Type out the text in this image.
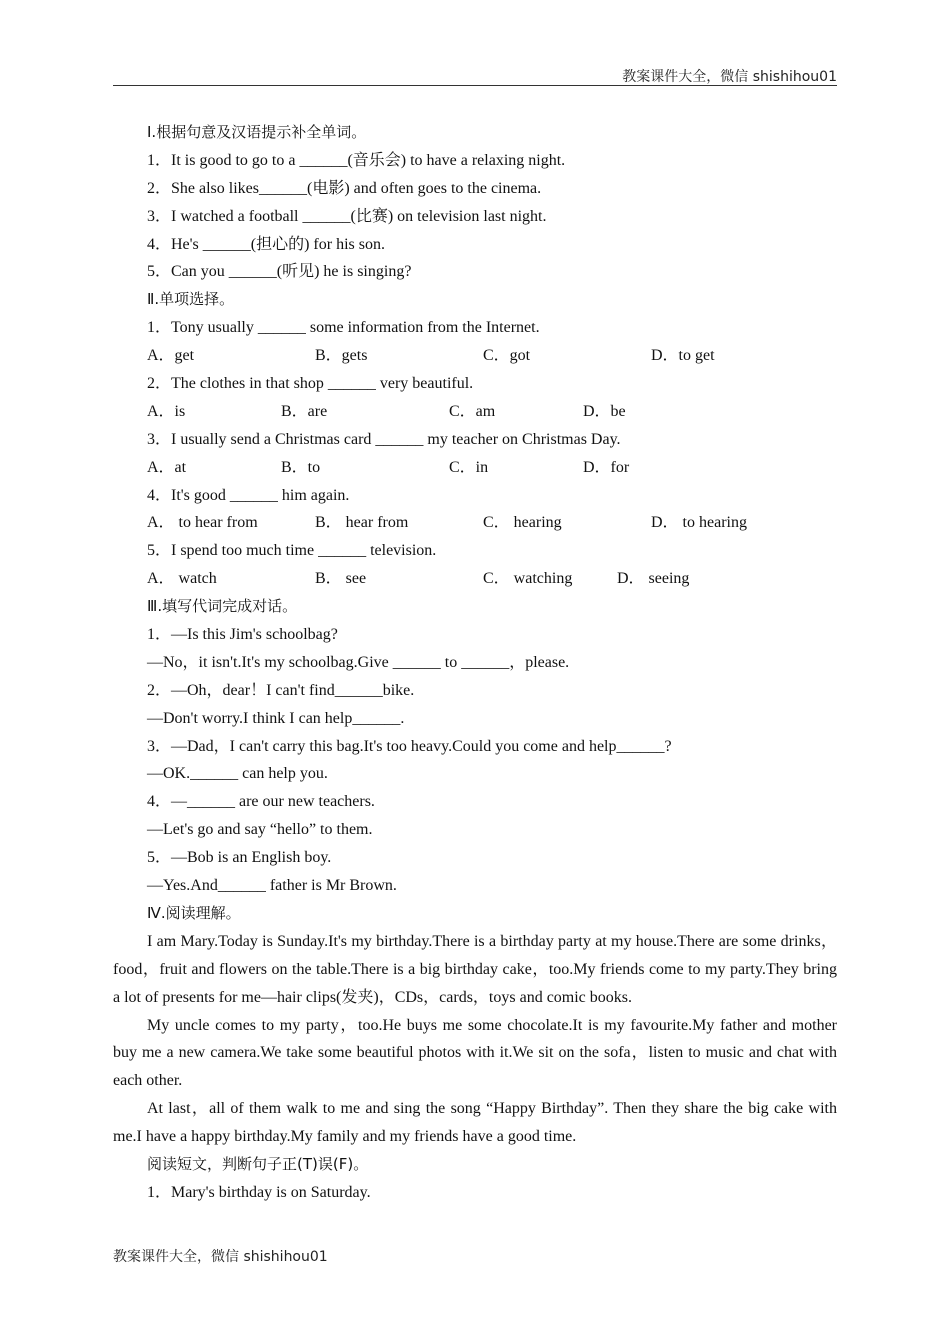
教案课件大全，微信 shishihou01
Ⅰ.根据句意及汉语提示补全单词。
1．It is good to go to a ______(音乐会) to have a relaxing night.
2．She also likes______(电影) and often goes to the cinema.
3．I watched a football ______(比赛) on television last night.
4．He's ______(担心的) for his son.
5．Can you ______(听见) he is singing?
Ⅱ.单项选择。
1．Tony usually ______ some information from the Internet.
A．get	B．gets	C．got	D．to get
2．The clothes in that shop ______ very beautiful.
A．is	B．are	C．am	D．be
3．I usually send a Christmas card ______ my teacher on Christmas Day.
A．at	B．to	C．in	D．for
4．It's good ______ him again.
A． to hear from	B． hear from	C． hearing	D． to hearing
5．I spend too much time ______ television.
A． watch	B． see	C． watching	D． seeing
Ⅲ.填写代词完成对话。
1．—Is this Jim's schoolbag?
—No，it isn't.It's my schoolbag.Give ______ to ______，please.
2．—Oh，dear！I can't find______bike.
—Don't worry.I think I can help______.
3．—Dad，I can't carry this bag.It's too heavy.Could you come and help______?
—OK.______ can help you.
4．—______ are our new teachers.
—Let's go and say “hello” to them.
5．—Bob is an English boy.
—Yes.And______ father is Mr Brown.
Ⅳ.阅读理解。

I am Mary.Today is Sunday.It's my birthday.There is a birthday party at my house.There are some drinks，food，fruit and flowers on the table.There is a big birthday cake，too.My friends come to my party.They bring a lot of presents for me—hair clips(发夹)，CDs，cards，toys and comic books.

My uncle comes to my party，too.He buys me some chocolate.It is my favourite.My father and mother buy me a new camera.We take some beautiful photos with it.We sit on the sofa，listen to music and chat with each other.

At last，all of them walk to me and sing the song “Happy Birthday”. Then they share the big cake with me.I have a happy birthday.My family and my friends have a good time.

阅读短文，判断句子正(T)误(F)。
1．Mary's birthday is on Saturday.
教案课件大全，微信 shishihou01
